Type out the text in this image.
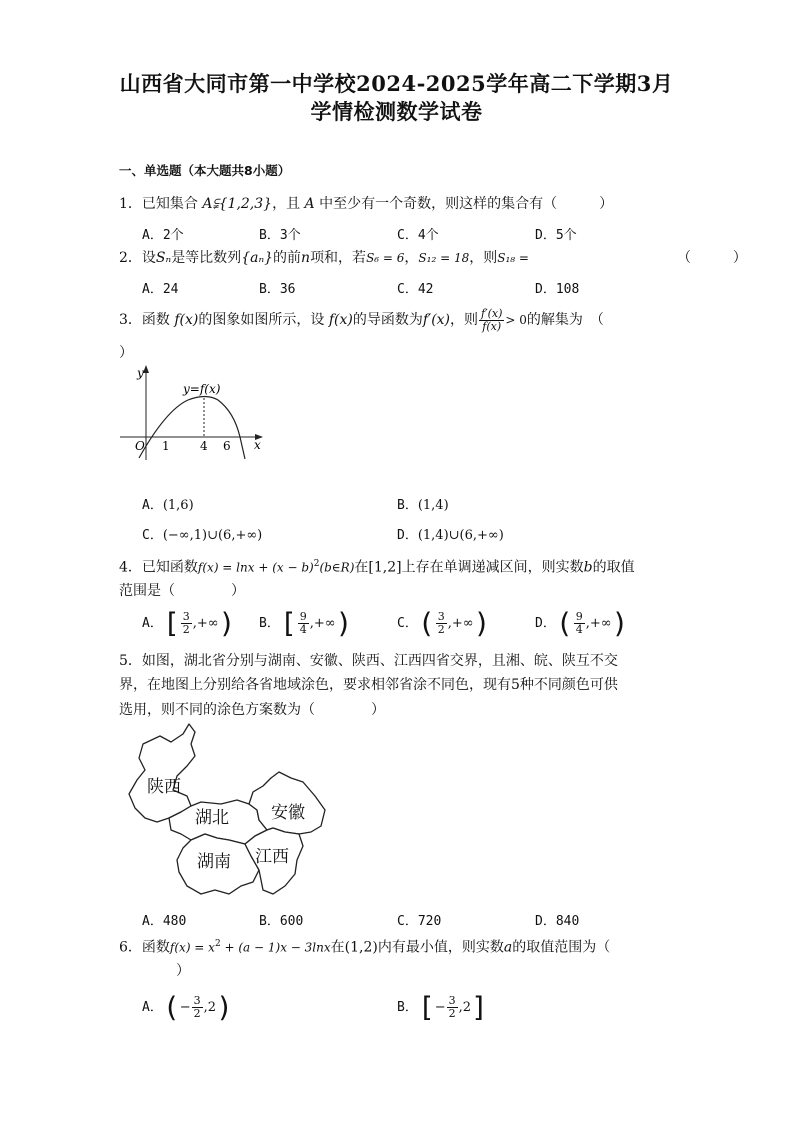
山西省大同市第一中学校2024-2025学年高二下学期3月
学情检测数学试卷
一、单选题（本大题共8小题）
1．已知集合 A⫋{1,2,3}，且 A 中至少有一个奇数，则这样的集合有（　　　）
A．2个	B．3个	C．4个	D．5个
2．设Sₙ是等比数列{aₙ}的前n项和，若S₆ = 6，S₁₂ = 18，则S₁₈ =	（　　　）
A．24	B．36	C．42	D．108
3．函数 f(x)的图象如图所示，设 f(x)的导函数为f′(x)，则 $\frac{f'(x)}{f(x)} > 0$的解集为　（
）
y
x
O
y=f(x)
1	4 6
A．(1,6)	B．(1,4)
C．(−∞,1)∪(6,+∞)	D．(1,4)∪(6,+∞)
4．已知函数$f(x) = \ln x + (x - b)^2(b\in R)$在[1,2]上存在单调递减区间，则实数b的取值
范围是（　　　　）
A．[ $\frac{3}{2}$ ,+∞) B．[ $\frac{9}{4}$ ,+∞)	C．( $\frac{3}{2}$ ,+∞)	D．( $\frac{9}{4}$ ,+∞)
5．如图，湖北省分别与湖南、安徽、陕西、江西四省交界，且湘、皖、陕互不交
界，在地图上分别给各省地域涂色，要求相邻省涂不同色，现有5种不同颜色可供
选用，则不同的涂色方案数为（　　　　）
陕西
湖北 安徽
湖南 江西
A．480	B．600	C．720	D．840
6．函数$f(x) = x^2 + (a - 1)x - 3\ln x$在(1,2)内有最小值，则实数a的取值范围为（
）
A．(− $\frac{3}{2} ,2$)	B．[− $\frac{3}{2} ,2$]
